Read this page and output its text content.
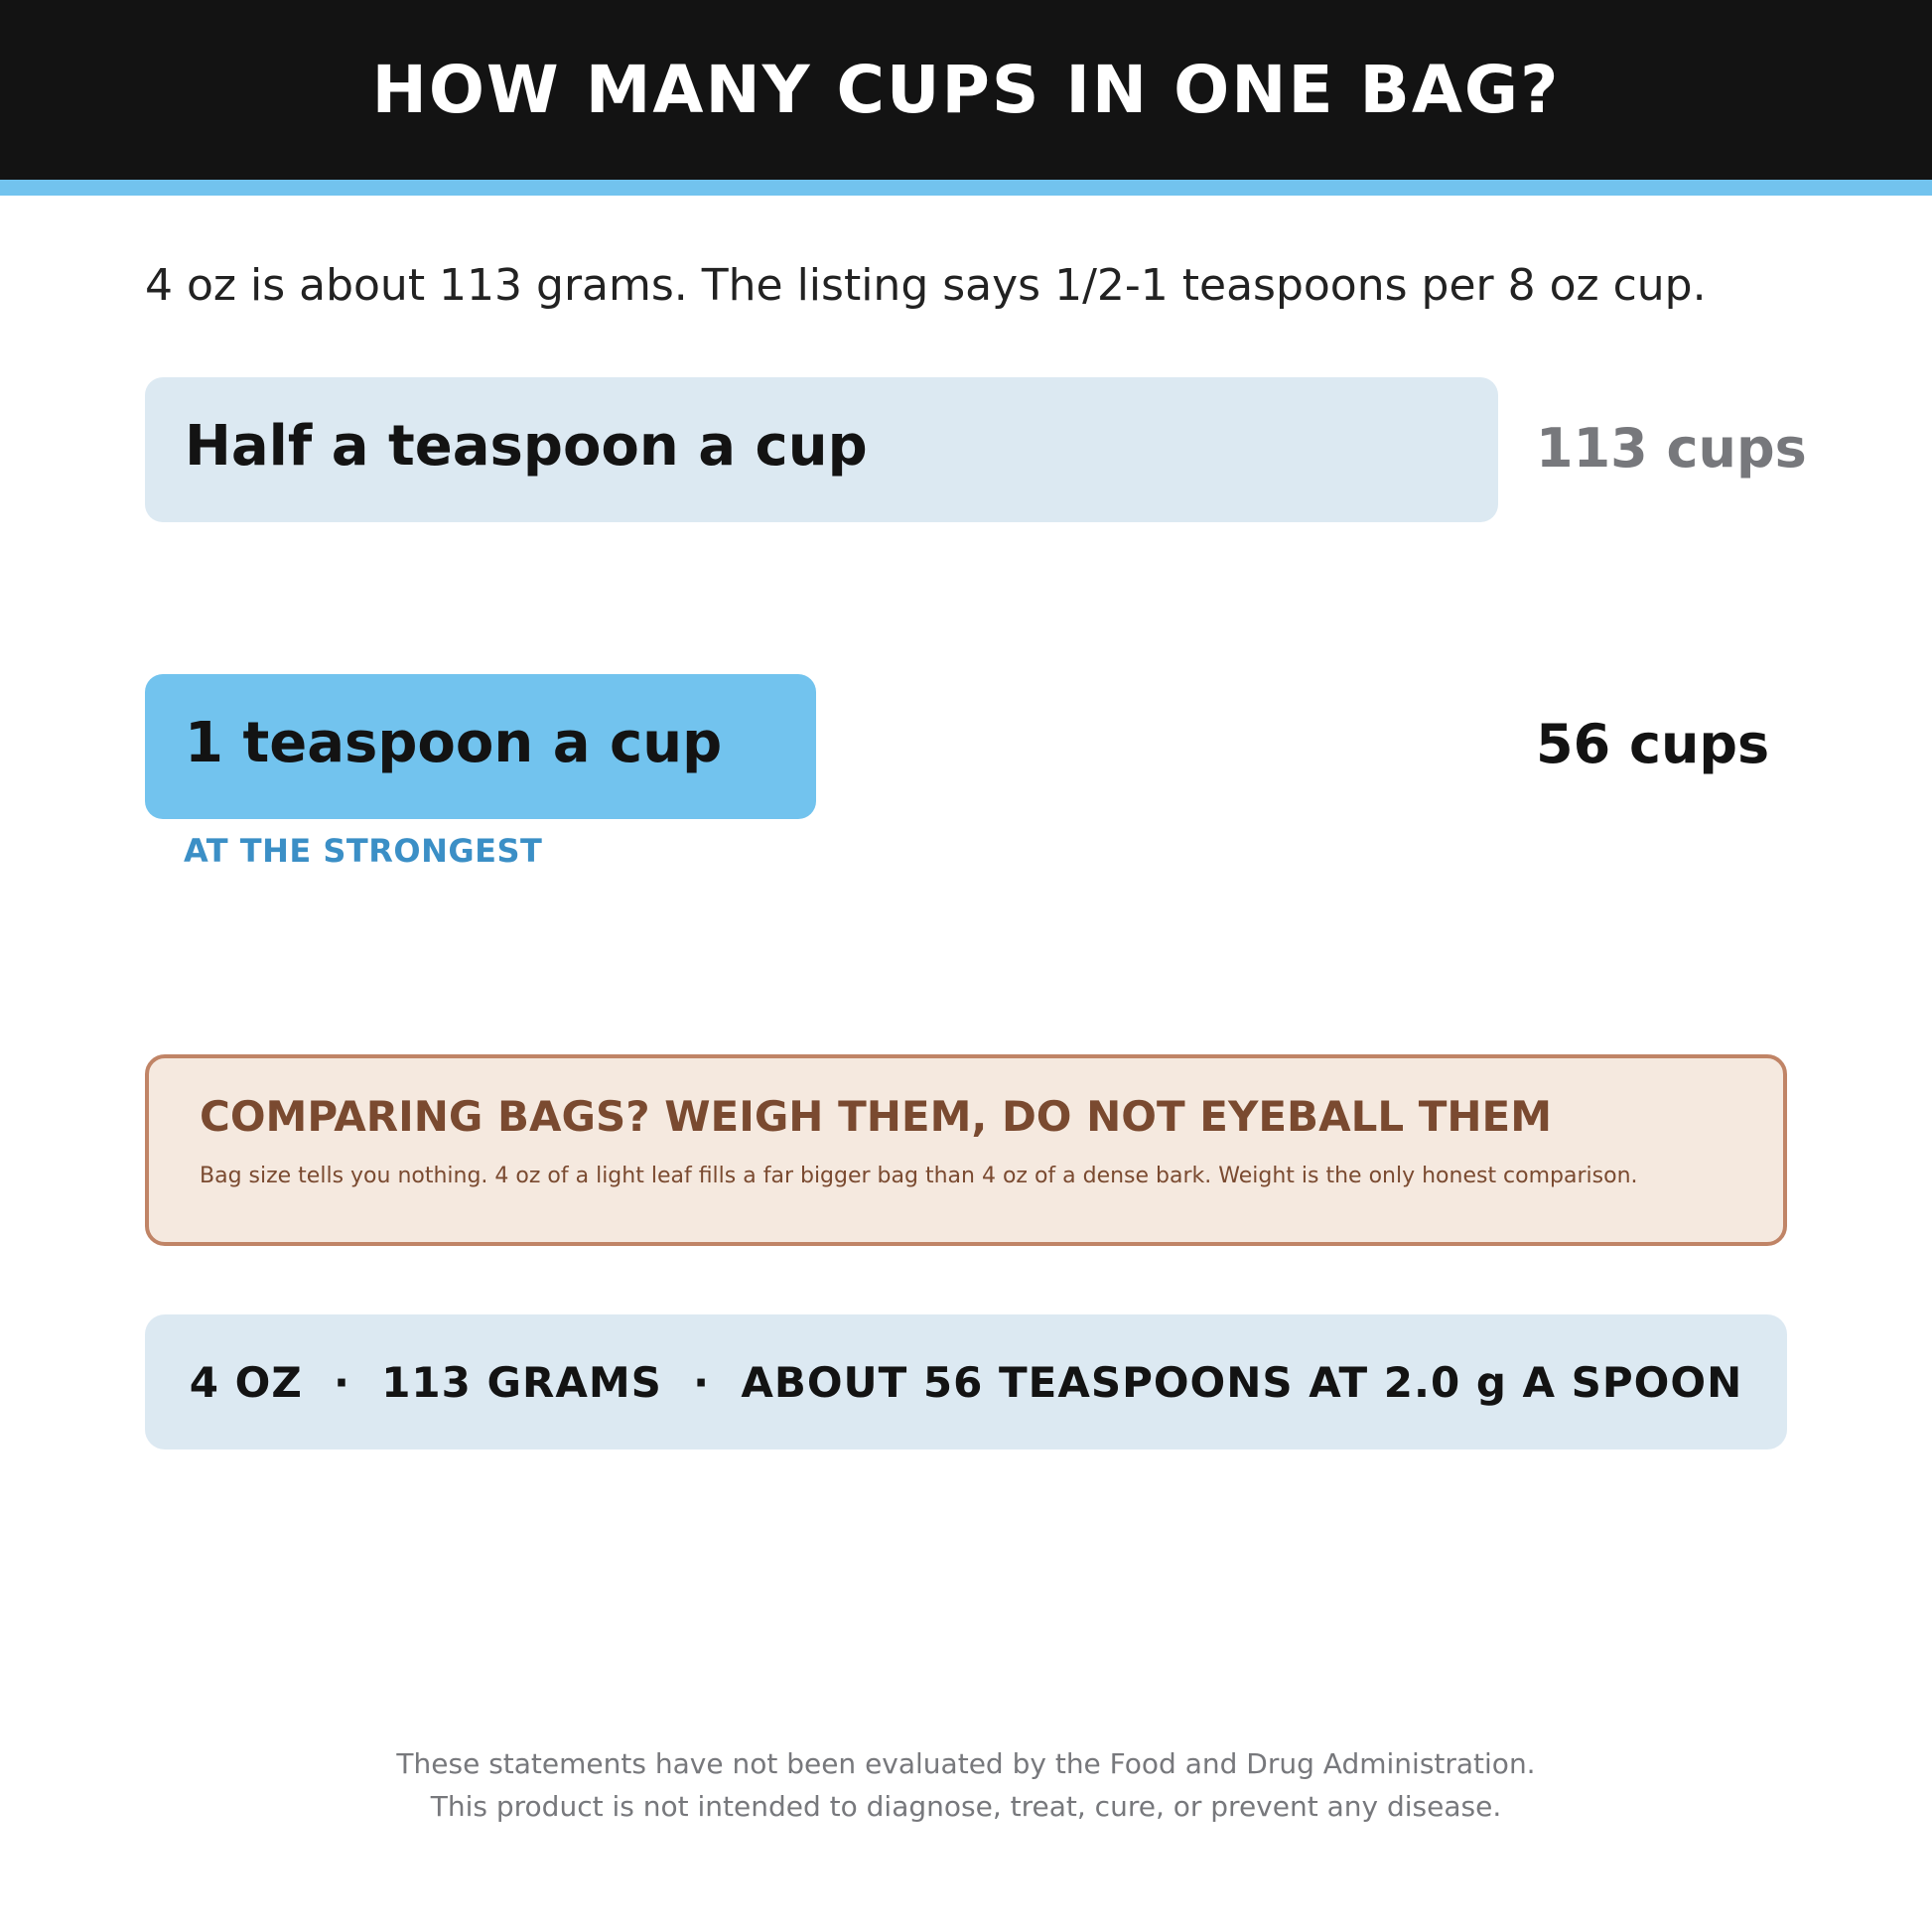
HOW MANY CUPS IN ONE BAG?
4 oz is about 113 grams. The listing says 1/2-1 teaspoons per 8 oz cup.
Half a teaspoon a cup	113 cups
1 teaspoon a cup	56 cups
AT THE STRONGEST
COMPARING BAGS? WEIGH THEM, DO NOT EYEBALL THEM
Bag size tells you nothing. 4 oz of a light leaf fills a far bigger bag than 4 oz of a dense bark. Weight is the only honest comparison.
4 OZ  ·  113 GRAMS  ·  ABOUT 56 TEASPOONS AT 2.0 g A SPOON
These statements have not been evaluated by the Food and Drug Administration.
This product is not intended to diagnose, treat, cure, or prevent any disease.
